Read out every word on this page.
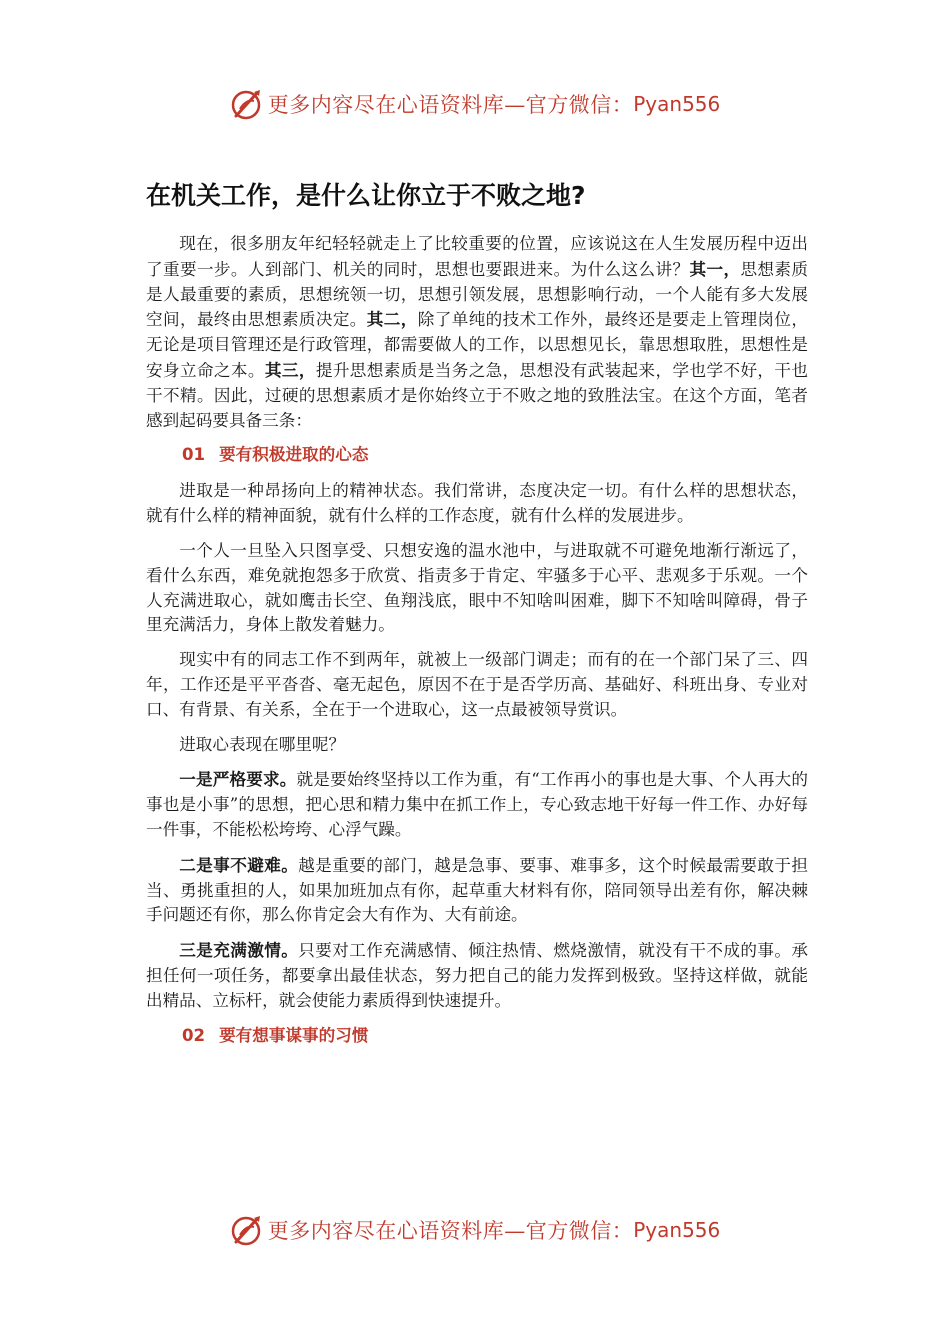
更多内容尽在心语资料库—官方微信： Pyan556
在机关工作，是什么让你立于不败之地?

现在，很多朋友年纪轻轻就走上了比较重要的位置，应该说这在人生发展历程中迈出了重要一步。人到部门、机关的同时，思想也要跟进来。为什么这么讲？其一，思想素质是人最重要的素质，思想统领一切，思想引领发展，思想影响行动，一个人能有多大发展空间，最终由思想素质决定。其二，除了单纯的技术工作外，最终还是要走上管理岗位，无论是项目管理还是行政管理，都需要做人的工作，以思想见长，靠思想取胜，思想性是安身立命之本。其三，提升思想素质是当务之急，思想没有武装起来，学也学不好，干也干不精。因此，过硬的思想素质才是你始终立于不败之地的致胜法宝。在这个方面，笔者感到起码要具备三条：

01 要有积极进取的心态

进取是一种昂扬向上的精神状态。我们常讲，态度决定一切。有什么样的思想状态，就有什么样的精神面貌，就有什么样的工作态度，就有什么样的发展进步。

一个人一旦坠入只图享受、只想安逸的温水池中，与进取就不可避免地渐行渐远了，看什么东西，难免就抱怨多于欣赏、指责多于肯定、牢骚多于心平、悲观多于乐观。一个人充满进取心，就如鹰击长空、鱼翔浅底，眼中不知啥叫困难，脚下不知啥叫障碍，骨子里充满活力，身体上散发着魅力。

现实中有的同志工作不到两年，就被上一级部门调走；而有的在一个部门呆了三、四年，工作还是平平沓沓、毫无起色，原因不在于是否学历高、基础好、科班出身、专业对口、有背景、有关系，全在于一个进取心，这一点最被领导赏识。

进取心表现在哪里呢？

一是严格要求。就是要始终坚持以工作为重，有“工作再小的事也是大事、个人再大的事也是小事”的思想，把心思和精力集中在抓工作上，专心致志地干好每一件工作、办好每一件事，不能松松垮垮、心浮气躁。

二是事不避难。越是重要的部门，越是急事、要事、难事多，这个时候最需要敢于担当、勇挑重担的人，如果加班加点有你，起草重大材料有你，陪同领导出差有你，解决棘手问题还有你，那么你肯定会大有作为、大有前途。

三是充满激情。只要对工作充满感情、倾注热情、燃烧激情，就没有干不成的事。承担任何一项任务，都要拿出最佳状态，努力把自己的能力发挥到极致。坚持这样做，就能出精品、立标杆，就会使能力素质得到快速提升。

02 要有想事谋事的习惯
更多内容尽在心语资料库—官方微信： Pyan556
